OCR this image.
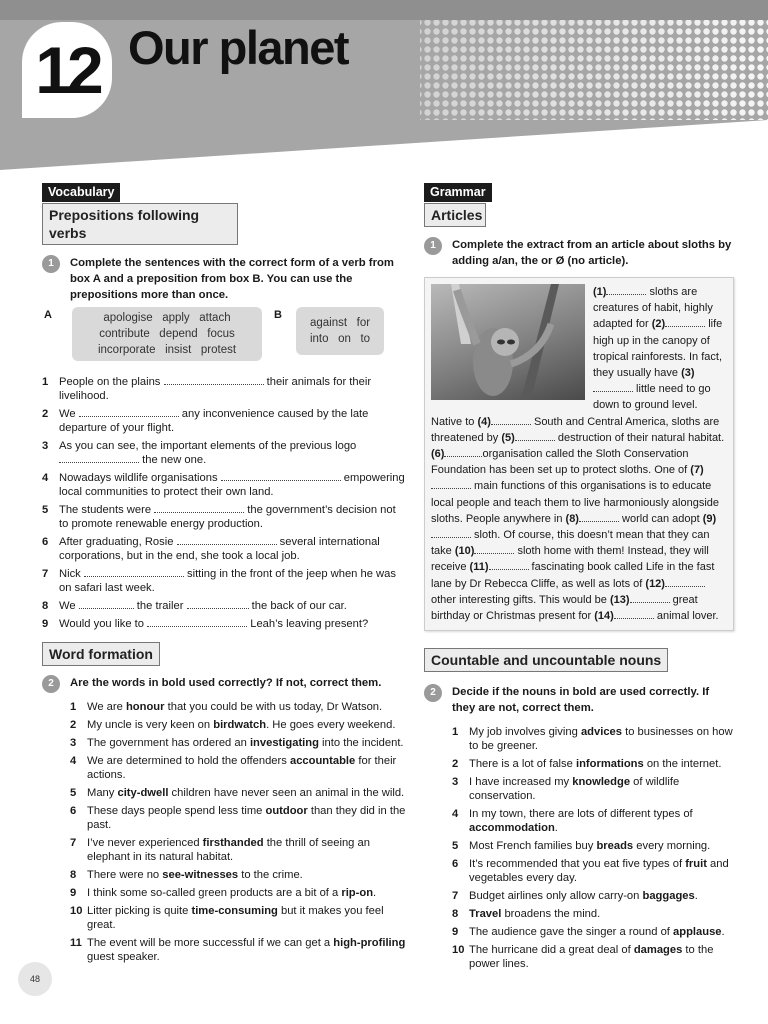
12 Our planet
Vocabulary
Prepositions following verbs
1	Complete the sentences with the correct form of a verb from box A and a preposition from box B. You can use the prepositions more than once.
A	apologise   apply   attach
contribute   depend   focus
incorporate   insist   protest
B
against   for
into   on   to
1 People on the plains	their animals for their livelihood.
2 We	any inconvenience caused by the late departure of your flight.
3 As you can see, the important elements of the previous logo  the new one.
4 Nowadays wildlife organisations	empowering local communities to protect their own land.
5 The students were	the government’s decision not to promote renewable energy production.
6 After graduating, Rosie	several international corporations, but in the end, she took a local job.
7 Nick	sitting in the front of the jeep when he was on safari last week.
8 We	the trailer	the back of our car.
9 Would you like to	Leah’s leaving present?
Word formation
2	Are the words in bold used correctly? If not, correct them.
1 We are honour that you could be with us today, Dr Watson.
2 My uncle is very keen on birdwatch. He goes every weekend.
3 The government has ordered an investigating into the incident.
4 We are determined to hold the offenders accountable for their actions.
5 Many city-dwell children have never seen an animal in the wild.
6 These days people spend less time outdoor than they did in the past.
7 I’ve never experienced firsthanded the thrill of seeing an elephant in its natural habitat.
8 There were no see-witnesses to the crime.
9 I think some so-called green products are a bit of a rip-on.
10 Litter picking is quite time-consuming but it makes you feel great.
11 The event will be more successful if we can get a high-profiling guest speaker.
Grammar
Articles
1	Complete the extract from an article about sloths by adding a/an, the or Ø (no article).
(1)	sloths are creatures of habit, highly adapted for (2)	life high up in the canopy of tropical rainforests. In fact, they usually have (3) little need to go down to ground level. Native to (4)	South and Central America, sloths are threatened by (5)	destruction of their natural habitat.
(6)	organisation called the Sloth Conservation Foundation has been set up to protect sloths. One of (7) main functions of this organisations is to educate local people and teach them to live harmoniously alongside sloths. People anywhere in (8)	world can adopt (9) sloth. Of course, this doesn’t mean that they can take (10)	sloth home with them! Instead, they will receive (11)	fascinating book called Life in the fast lane by Dr Rebecca Cliffe, as well as lots of (12) other interesting gifts. This would be (13)	great birthday or Christmas present for (14)	animal lover.
Countable and uncountable nouns
2	Decide if the nouns in bold are used correctly. If they are not, correct them.
1 My job involves giving advices to businesses on how to be greener.
2 There is a lot of false informations on the internet.
3 I have increased my knowledge of wildlife conservation.
4 In my town, there are lots of different types of accommodation.
5 Most French families buy breads every morning.
6 It’s recommended that you eat five types of fruit and vegetables every day.
7 Budget airlines only allow carry-on baggages.
8 Travel broadens the mind.
9 The audience gave the singer a round of applause.
10 The hurricane did a great deal of damages to the power lines.
48
